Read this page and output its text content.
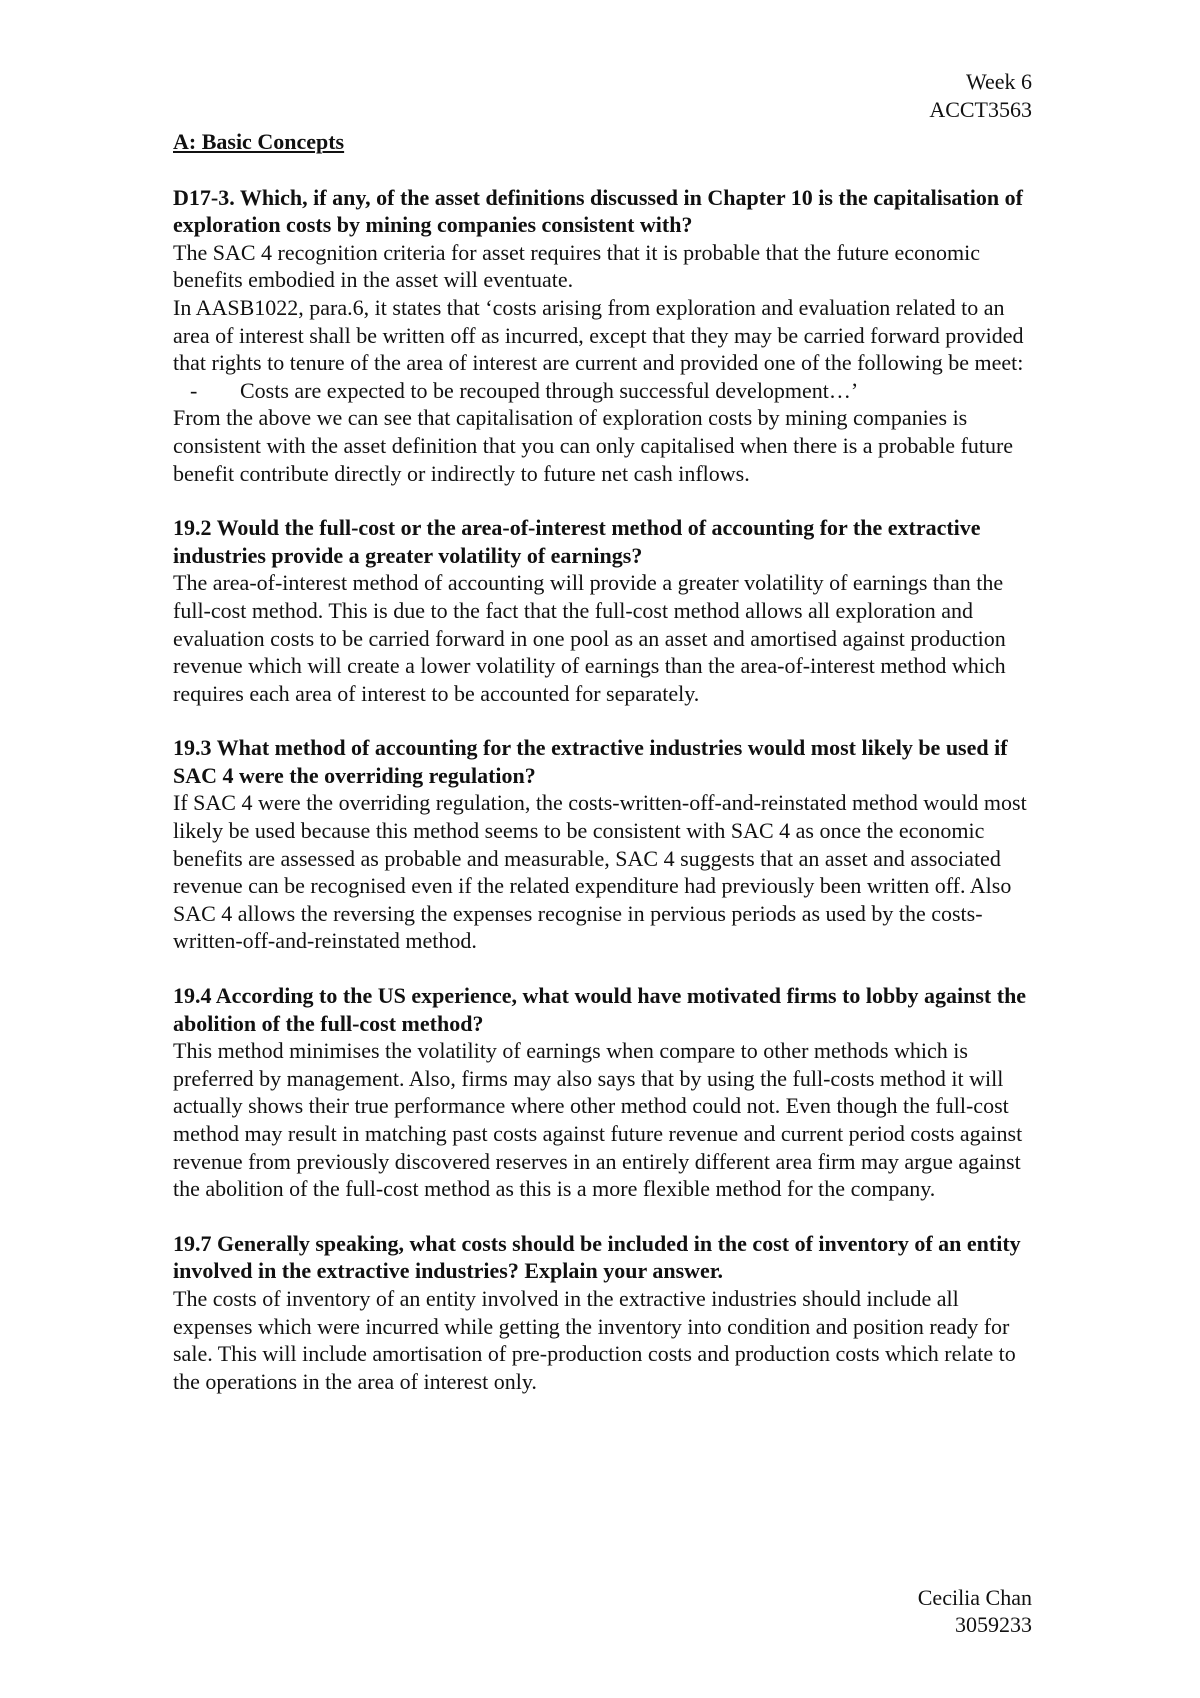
Week 6
ACCT3563
A: Basic Concepts

D17-3. Which, if any, of the asset definitions discussed in Chapter 10 is the capitalisation of exploration costs by mining companies consistent with?

The SAC 4 recognition criteria for asset requires that it is probable that the future economic benefits embodied in the asset will eventuate.

In AASB1022, para.6, it states that ‘costs arising from exploration and evaluation related to an area of interest shall be written off as incurred, except that they may be carried forward provided that rights to tenure of the area of interest are current and provided one of the following be meet:

-	Costs are expected to be recouped through successful development…’

From the above we can see that capitalisation of exploration costs by mining companies is consistent with the asset definition that you can only capitalised when there is a probable future benefit contribute directly or indirectly to future net cash inflows.

19.2 Would the full-cost or the area-of-interest method of accounting for the extractive industries provide a greater volatility of earnings?

The area-of-interest method of accounting will provide a greater volatility of earnings than the full-cost method. This is due to the fact that the full-cost method allows all exploration and evaluation costs to be carried forward in one pool as an asset and amortised against production revenue which will create a lower volatility of earnings than the area-of-interest method which requires each area of interest to be accounted for separately.

19.3 What method of accounting for the extractive industries would most likely be used if SAC 4 were the overriding regulation?

If SAC 4 were the overriding regulation, the costs-written-off-and-reinstated method would most likely be used because this method seems to be consistent with SAC 4 as once the economic benefits are assessed as probable and measurable, SAC 4 suggests that an asset and associated revenue can be recognised even if the related expenditure had previously been written off. Also SAC 4 allows the reversing the expenses recognise in pervious periods as used by the costs-written-off-and-reinstated method.

19.4 According to the US experience, what would have motivated firms to lobby against the abolition of the full-cost method?

This method minimises the volatility of earnings when compare to other methods which is preferred by management. Also, firms may also says that by using the full-costs method it will actually shows their true performance where other method could not. Even though the full-cost method may result in matching past costs against future revenue and current period costs against revenue from previously discovered reserves in an entirely different area firm may argue against the abolition of the full-cost method as this is a more flexible method for the company.

19.7 Generally speaking, what costs should be included in the cost of inventory of an entity involved in the extractive industries? Explain your answer.

The costs of inventory of an entity involved in the extractive industries should include all expenses which were incurred while getting the inventory into condition and position ready for sale. This will include amortisation of pre-production costs and production costs which relate to the operations in the area of interest only.

Cecilia Chan
3059233
